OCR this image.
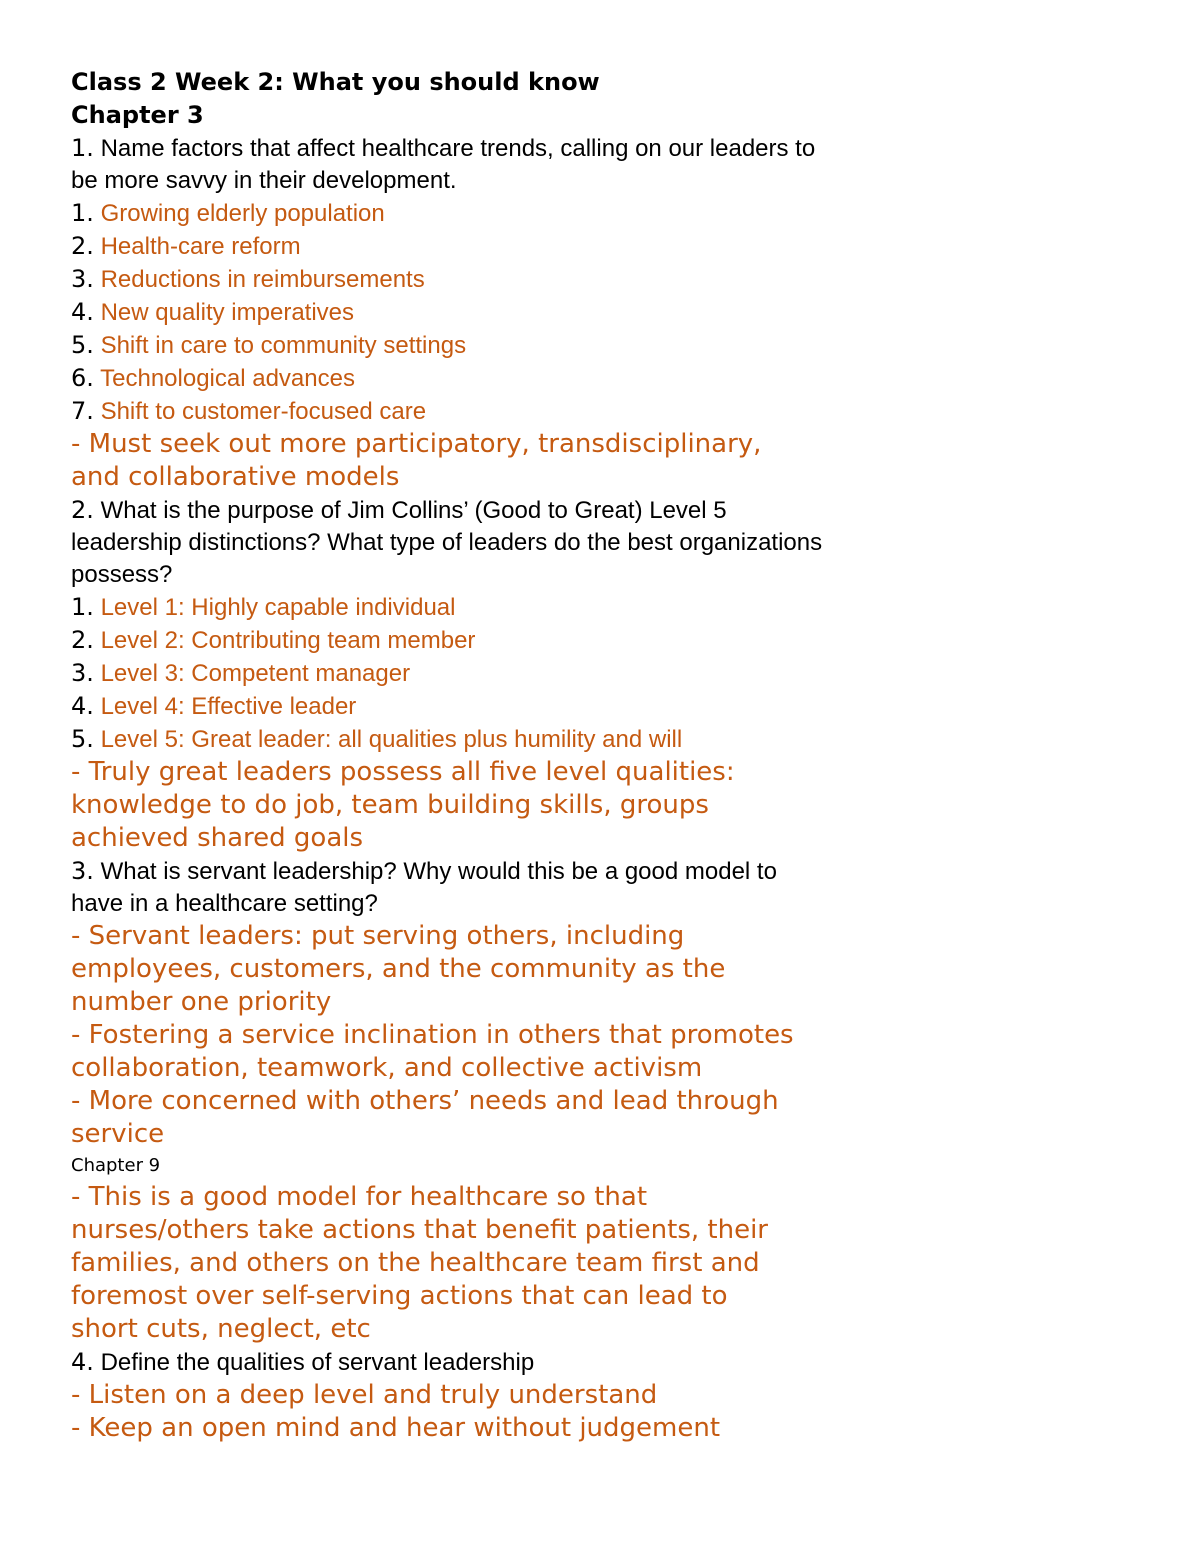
Class 2 Week 2: What you should know
Chapter 3
1. Name factors that affect healthcare trends, calling on our leaders to
be more savvy in their development.
1. Growing elderly population
2. Health-care reform
3. Reductions in reimbursements
4. New quality imperatives
5. Shift in care to community settings
6. Technological advances
7. Shift to customer-focused care
- Must seek out more participatory, transdisciplinary,
and collaborative models
2. What is the purpose of Jim Collins’ (Good to Great) Level 5
leadership distinctions? What type of leaders do the best organizations
possess?
1. Level 1: Highly capable individual
2. Level 2: Contributing team member
3. Level 3: Competent manager
4. Level 4: Effective leader
5. Level 5: Great leader: all qualities plus humility and will
- Truly great leaders possess all five level qualities:
knowledge to do job, team building skills, groups
achieved shared goals
3. What is servant leadership? Why would this be a good model to
have in a healthcare setting?
- Servant leaders: put serving others, including
employees, customers, and the community as the
number one priority
- Fostering a service inclination in others that promotes
collaboration, teamwork, and collective activism
- More concerned with others’ needs and lead through
service
Chapter 9
- This is a good model for healthcare so that
nurses/others take actions that benefit patients, their
families, and others on the healthcare team first and
foremost over self-serving actions that can lead to
short cuts, neglect, etc
4. Define the qualities of servant leadership
- Listen on a deep level and truly understand
- Keep an open mind and hear without judgement
